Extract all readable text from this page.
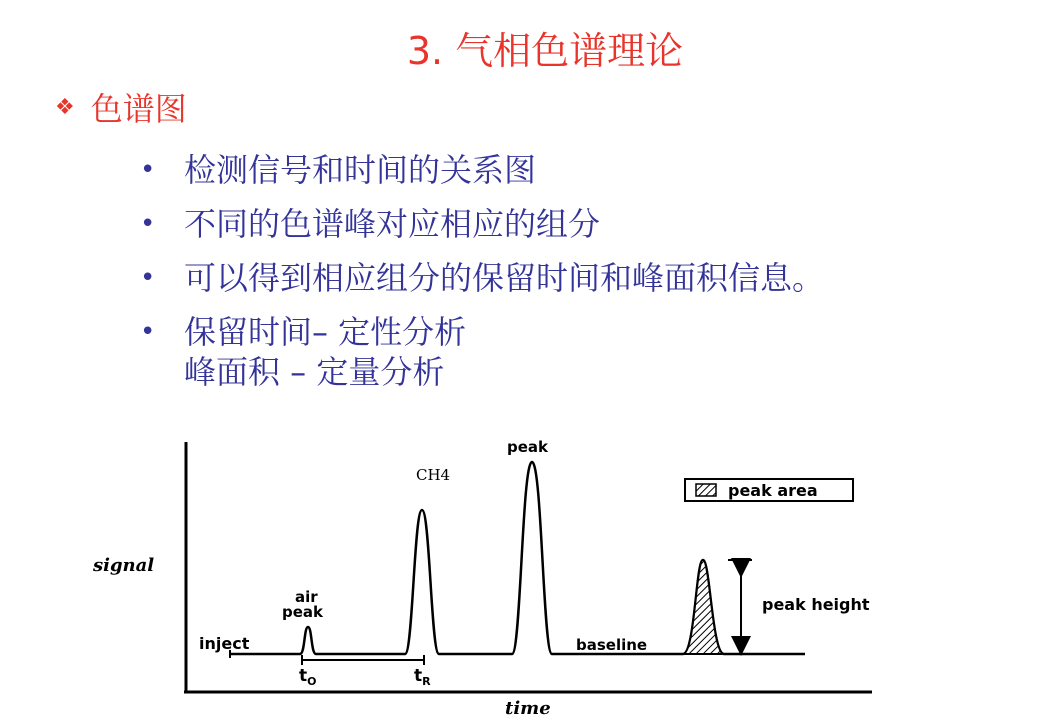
3. 气相色谱理论
❖ 色谱图
• 检测信号和时间的关系图
• 不同的色谱峰对应相应的组分
• 可以得到相应组分的保留时间和峰面积信息。
• 保留时间– 定性分析
峰面积 – 定量分析
peak area
signal
time
inject
air
peak
CH4
peak
baseline
peak height
$t_O$	$t_R$
